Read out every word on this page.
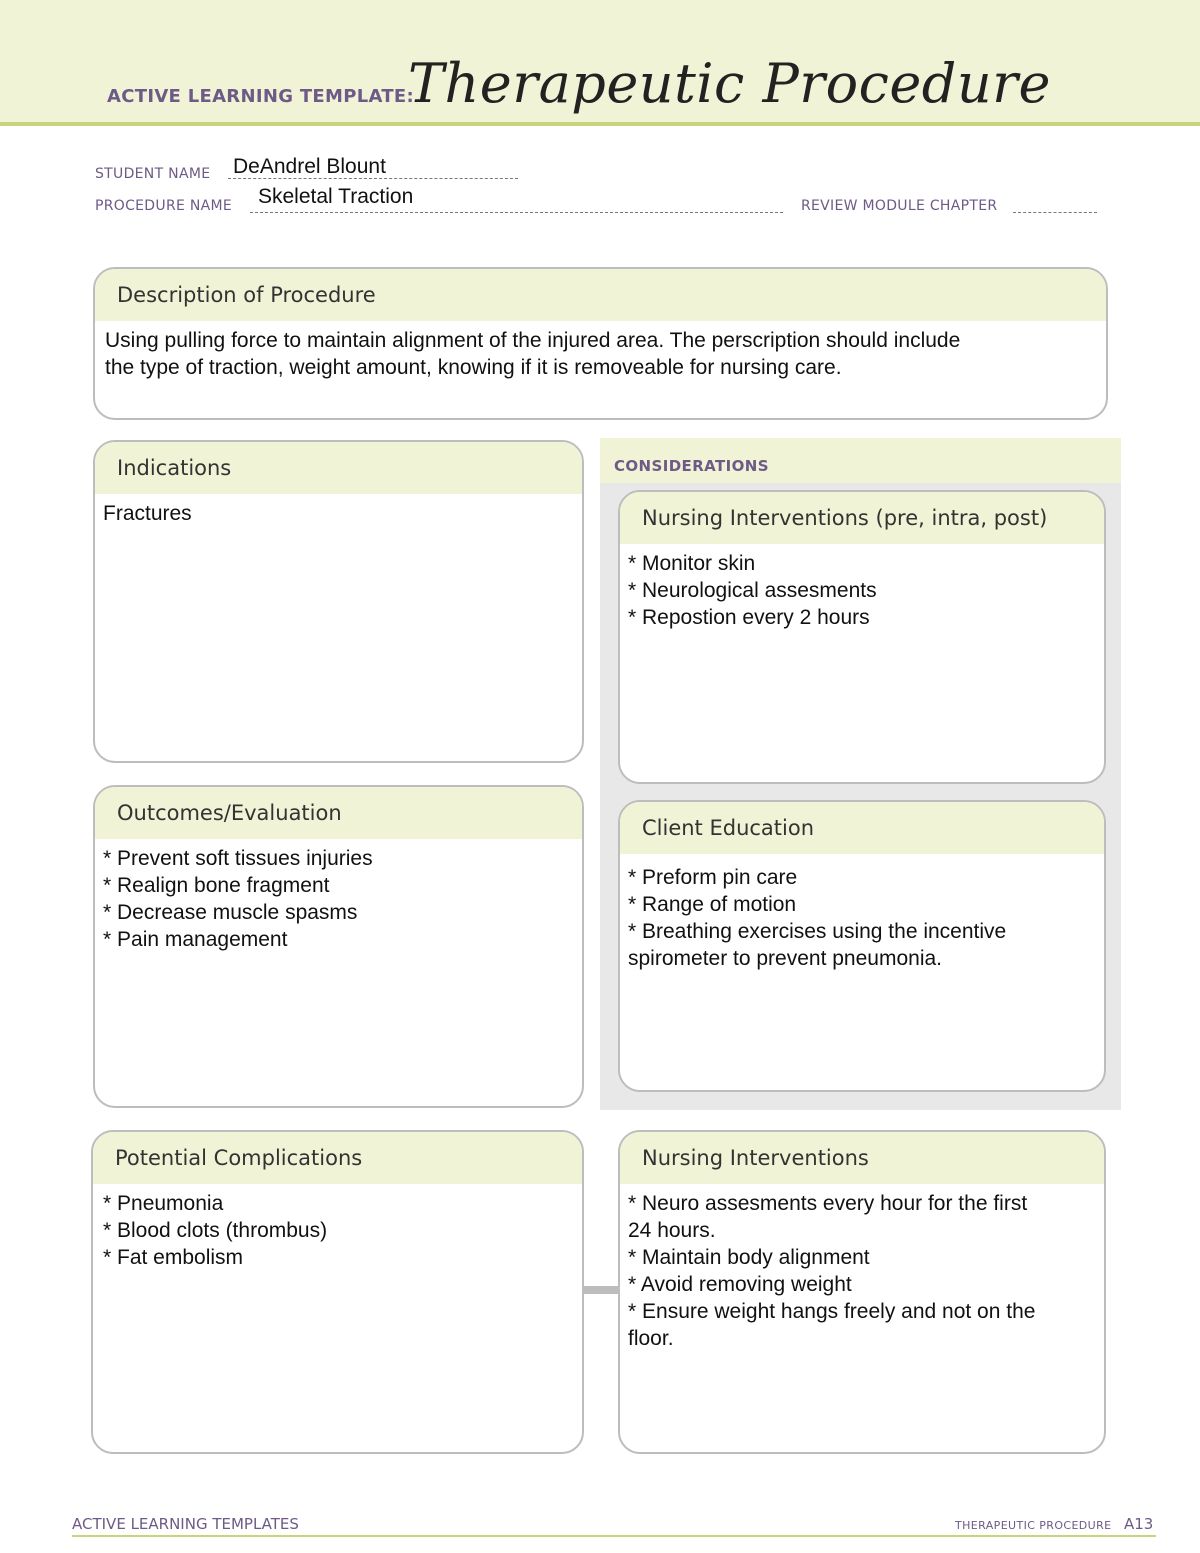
ACTIVE LEARNING TEMPLATE:
Therapeutic Procedure
STUDENT NAME DeAndrel Blount
PROCEDURE NAME Skeletal Traction	REVIEW MODULE CHAPTER
Description of Procedure
Using pulling force to maintain alignment of the injured area. The perscription should include
the type of traction, weight amount, knowing if it is removeable for nursing care.
Indications
Fractures
CONSIDERATIONS
Nursing Interventions (pre, intra, post)
* Monitor skin
* Neurological assesments
* Repostion every 2 hours
Client Education
* Preform pin care
* Range of motion
* Breathing exercises using the incentive
spirometer to prevent pneumonia.
Outcomes/Evaluation
* Prevent soft tissues injuries
* Realign bone fragment
* Decrease muscle spasms
* Pain management
Potential Complications
* Pneumonia
* Blood clots (thrombus)
* Fat embolism
Nursing Interventions
* Neuro assesments every hour for the first
24 hours.
* Maintain body alignment
* Avoid removing weight
* Ensure weight hangs freely and not on the
floor.
ACTIVE LEARNING TEMPLATES	THERAPEUTIC PROCEDURE A13
